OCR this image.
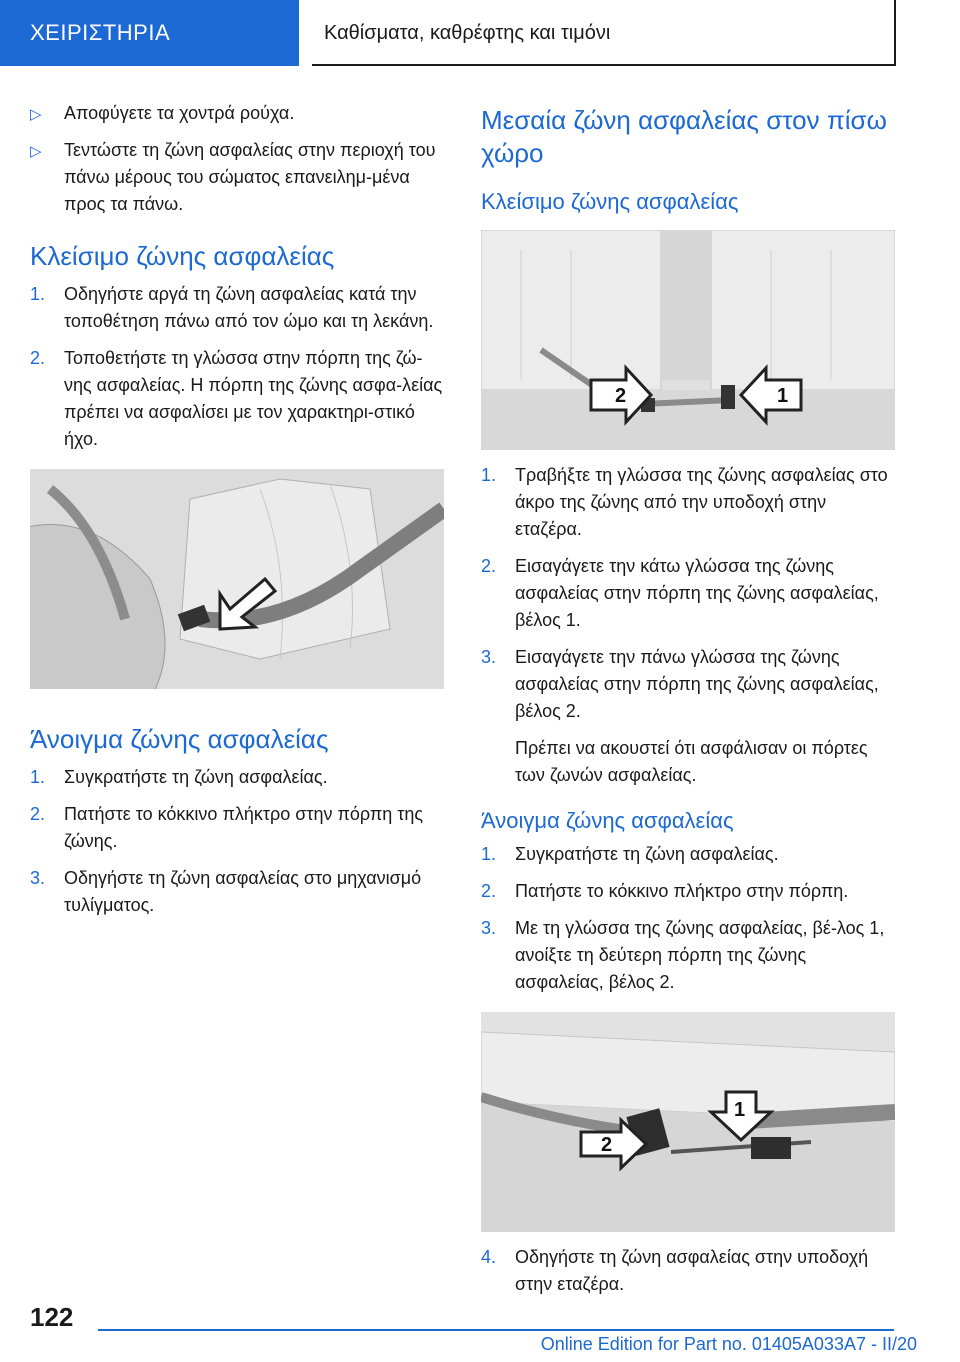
ΧΕΙΡΙΣΤΗΡΙΑ	Καθίσματα, καθρέφτης και τιμόνι
▷ Αποφύγετε τα χοντρά ρούχα.
▷ Τεντώστε τη ζώνη ασφαλείας στην περιοχή του πάνω μέρους του σώματος επανειλημ-μένα προς τα πάνω.
Κλείσιμο ζώνης ασφαλείας
1. Οδηγήστε αργά τη ζώνη ασφαλείας κατά την τοποθέτηση πάνω από τον ώμο και τη λεκάνη.
2. Τοποθετήστε τη γλώσσα στην πόρπη της ζώ-νης ασφαλείας. Η πόρπη της ζώνης ασφα-λείας πρέπει να ασφαλίσει με τον χαρακτηρι-στικό ήχο.
Άνοιγμα ζώνης ασφαλείας
1. Συγκρατήστε τη ζώνη ασφαλείας.
2. Πατήστε το κόκκινο πλήκτρο στην πόρπη της ζώνης.
3. Οδηγήστε τη ζώνη ασφαλείας στο μηχανισμό τυλίγματος.
Μεσαία ζώνη ασφαλείας στον πίσω χώρο
Κλείσιμο ζώνης ασφαλείας
2	1
1. Τραβήξτε τη γλώσσα της ζώνης ασφαλείας στο άκρο της ζώνης από την υποδοχή στην εταζέρα.
2. Εισαγάγετε την κάτω γλώσσα της ζώνης ασφαλείας στην πόρπη της ζώνης ασφαλείας, βέλος 1.
3. Εισαγάγετε την πάνω γλώσσα της ζώνης ασφαλείας στην πόρπη της ζώνης ασφαλείας, βέλος 2.
Πρέπει να ακουστεί ότι ασφάλισαν οι πόρτες των ζωνών ασφαλείας.
Άνοιγμα ζώνης ασφαλείας
1. Συγκρατήστε τη ζώνη ασφαλείας.
2. Πατήστε το κόκκινο πλήκτρο στην πόρπη.
3. Με τη γλώσσα της ζώνης ασφαλείας, βέ-λος 1, ανοίξτε τη δεύτερη πόρπη της ζώνης ασφαλείας, βέλος 2.
2
1
4. Οδηγήστε τη ζώνη ασφαλείας στην υποδοχή στην εταζέρα.
122
Online Edition for Part no. 01405A033A7 - II/20
